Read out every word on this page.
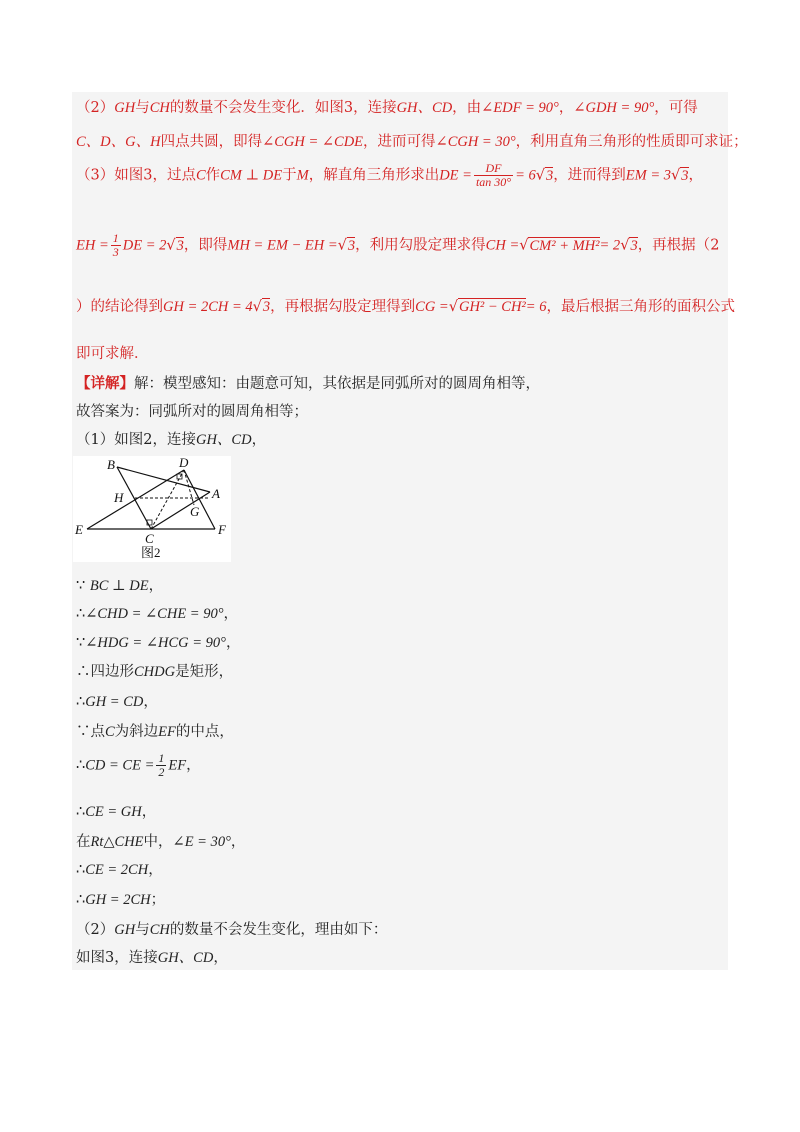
（2）GH与CH的数量不会发生变化．如图3，连接GH、CD，由∠EDF = 90°，∠GDH = 90°，可得
C、D、G、H四点共圆，即得∠CGH = ∠CDE，进而可得∠CGH = 30°，利用直角三角形的性质即可求证；
（3）如图3，过点C作CM ⊥ DE于M，解直角三角形求出DE = $\frac{DF}{\tan 30^\circ} = 6√3$，进而得到EM = 3√3，
EH = $\frac{1}{3}$ DE = 2√3，即得MH = EM − EH =√3，利用勾股定理求得CH =√CM² + MH²= 2√3，再根据（2
）的结论得到GH = 2CH = 4√3，再根据勾股定理得到CG =√GH² − CH²= 6，最后根据三角形的面积公式
即可求解．
【详解】解：模型感知：由题意可知，其依据是同弧所对的圆周角相等，
故答案为：同弧所对的圆周角相等；
（1）如图2，连接GH、CD，
B	D
H	A
G
E
C
F
图2
∵ BC ⊥ DE，
∴∠CHD = ∠CHE = 90°，
∵∠HDG = ∠HCG = 90°，
∴四边形CHDG是矩形，
∴GH = CD，
∵点C为斜边EF的中点，
∴CD = CE = $\frac{1}{2}$ EF，
∴CE = GH，
在Rt△CHE中，∠E = 30°，
∴CE = 2CH，
∴GH = 2CH；
（2）GH与CH的数量不会发生变化，理由如下：
如图3，连接GH、CD，
